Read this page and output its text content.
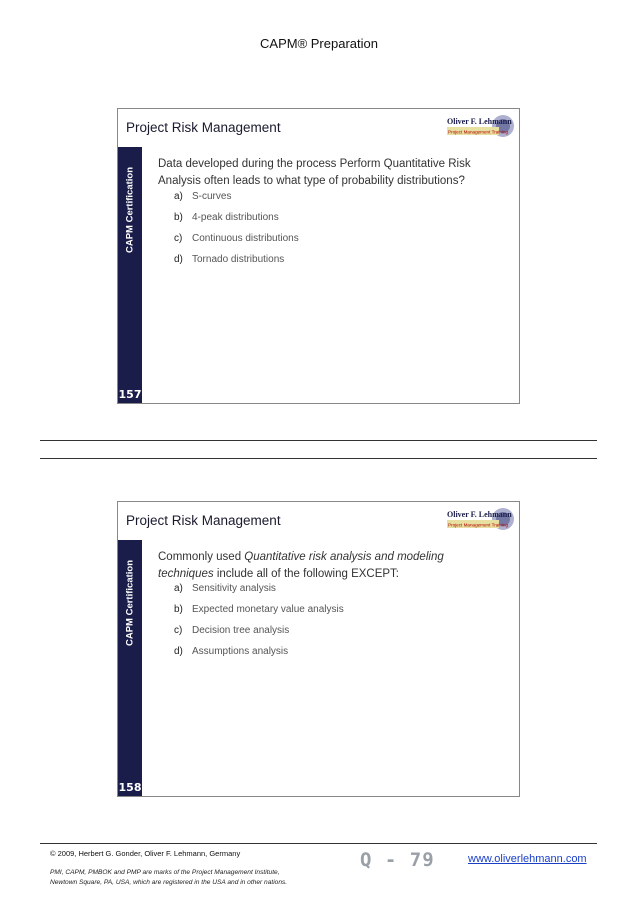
CAPM® Preparation
CAPM Certification
157
Project Risk Management	Oliver F. Lehmann
Project Management Training
Data developed during the process Perform Quantitative Risk Analysis often leads to what type of probability distributions?
a) S-curves
b) 4-peak distributions
c) Continuous distributions
d) Tornado distributions
CAPM Certification
158
Project Risk Management	Oliver F. Lehmann
Project Management Training
Commonly used Quantitative risk analysis and modeling techniques include all of the following EXCEPT:
a) Sensitivity analysis
b) Expected monetary value analysis
c) Decision tree analysis
d) Assumptions analysis
© 2009, Herbert G. Gonder, Oliver F. Lehmann, Germany
PMI, CAPM, PMBOK and PMP are marks of the Project Management Institute,
Newtown Square, PA, USA, which are registered in the USA and in other nations.
Q - 79	www.oliverlehmann.com
